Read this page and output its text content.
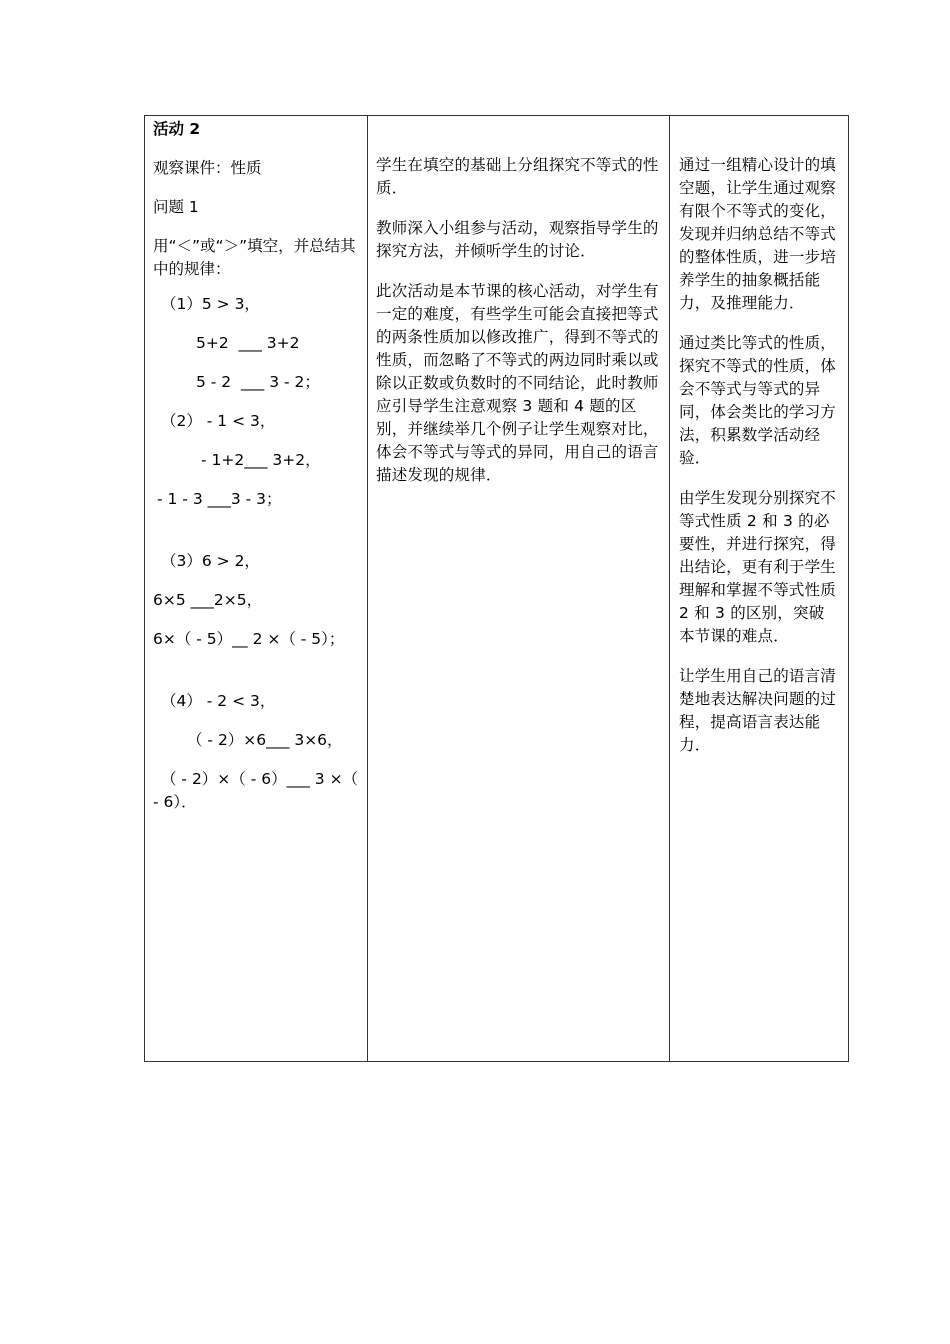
活动 2

观察课件：性质

问题 1

用“＜”或“＞”填空，并总结其中的规律：

（1）5 > 3，

5+2  ___ 3+2

5 - 2  ___ 3 - 2；

（2） - 1 < 3，

- 1+2___ 3+2，

- 1 - 3 ___3 - 3；

（3）6 > 2，

6×5 ___2×5，

6×（ - 5）__ 2 ×（ - 5）；

（4） - 2 < 3，

（ - 2）×6___ 3×6，

（ - 2）×（ - 6）___ 3 ×（ - 6）．

学生在填空的基础上分组探究不等式的性质．

教师深入小组参与活动，观察指导学生的探究方法，并倾听学生的讨论．

此次活动是本节课的核心活动，对学生有一定的难度，有些学生可能会直接把等式的两条性质加以修改推广，得到不等式的性质，而忽略了不等式的两边同时乘以或除以正数或负数时的不同结论，此时教师应引导学生注意观察 3 题和 4 题的区别，并继续举几个例子让学生观察对比，体会不等式与等式的异同，用自己的语言描述发现的规律．

通过一组精心设计的填空题，让学生通过观察有限个不等式的变化，发现并归纳总结不等式的整体性质，进一步培养学生的抽象概括能力，及推理能力．

通过类比等式的性质，探究不等式的性质，体会不等式与等式的异同，体会类比的学习方法，积累数学活动经验．

由学生发现分别探究不等式性质 2 和 3 的必要性，并进行探究，得出结论，更有利于学生理解和掌握不等式性质 2 和 3 的区别，突破本节课的难点．

让学生用自己的语言清楚地表达解决问题的过程，提高语言表达能力．
